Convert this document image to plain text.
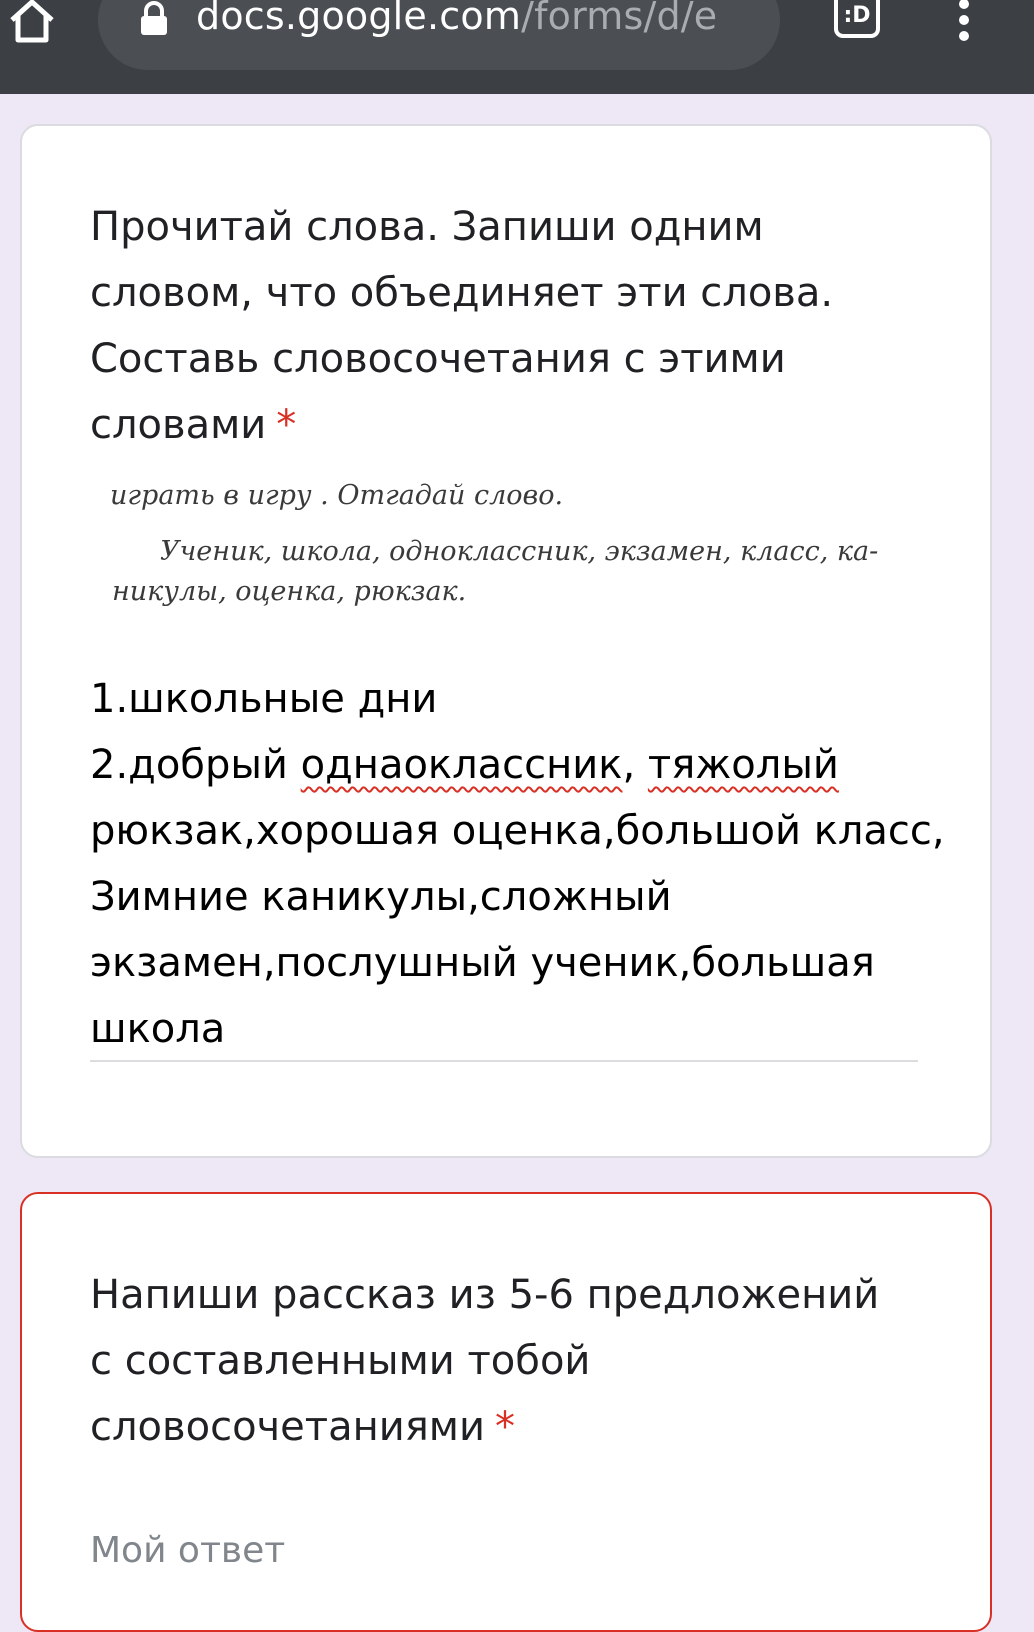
docs.google.com/forms/d/e	:D

Прочитай слова. Запиши одним словом, что объединяет эти слова. Составь словосочетания с этими словами *

играть в игру . Отгадай слово.
Ученик, школа, одноклассник, экзамен, класс, ка-
никулы, оценка, рюкзак.
1.школьные дни
2.добрый однаоклассник, тяжолый
рюкзак,хорошая оценка,большой класс,
Зимние каникулы,сложный
экзамен,послушный ученик,большая
школа

Напиши рассказ из 5-6 предложений с составленными тобой словосочетаниями *

Мой ответ
